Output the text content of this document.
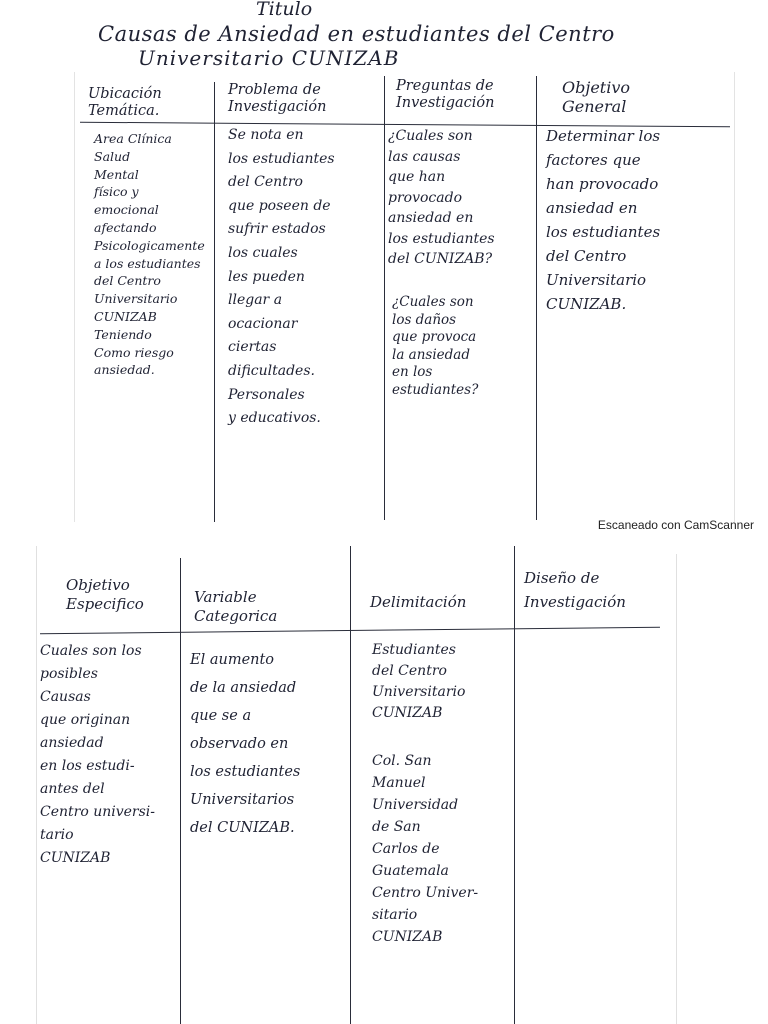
Titulo
Causas de Ansiedad en estudiantes del Centro
Universitario CUNIZAB
Ubicación
Temática.
Problema de
Investigación
Preguntas de
Investigación
Objetivo
General
Area Clínica
Salud
Mental
físico y
emocional
afectando
Psicologicamente
a los estudiantes
del Centro
Universitario
CUNIZAB
Teniendo
Como riesgo
ansiedad.
Se nota en
los estudiantes
del Centro
que poseen de
sufrir estados
los cuales
les pueden
llegar a
ocacionar
ciertas
dificultades.
Personales
y educativos.
¿Cuales son
las causas
que han
provocado
ansiedad en
los estudiantes
del CUNIZAB?
¿Cuales son
los daños
que provoca
la ansiedad
en los
estudiantes?
Determinar los
factores que
han provocado
ansiedad en
los estudiantes
del Centro
Universitario
CUNIZAB.
Escaneado con CamScanner
Objetivo
Especifico	Variable
Categorica
Delimitación
Diseño de
Investigación
Cuales son los
posibles
Causas
que originan
ansiedad
en los estudi-
antes del
Centro universi-
tario
CUNIZAB
El aumento
de la ansiedad
que se a
observado en
los estudiantes
Universitarios
del CUNIZAB.
Estudiantes
del Centro
Universitario
CUNIZAB
Col. San
Manuel
Universidad
de San
Carlos de
Guatemala
Centro Univer-
sitario
CUNIZAB
